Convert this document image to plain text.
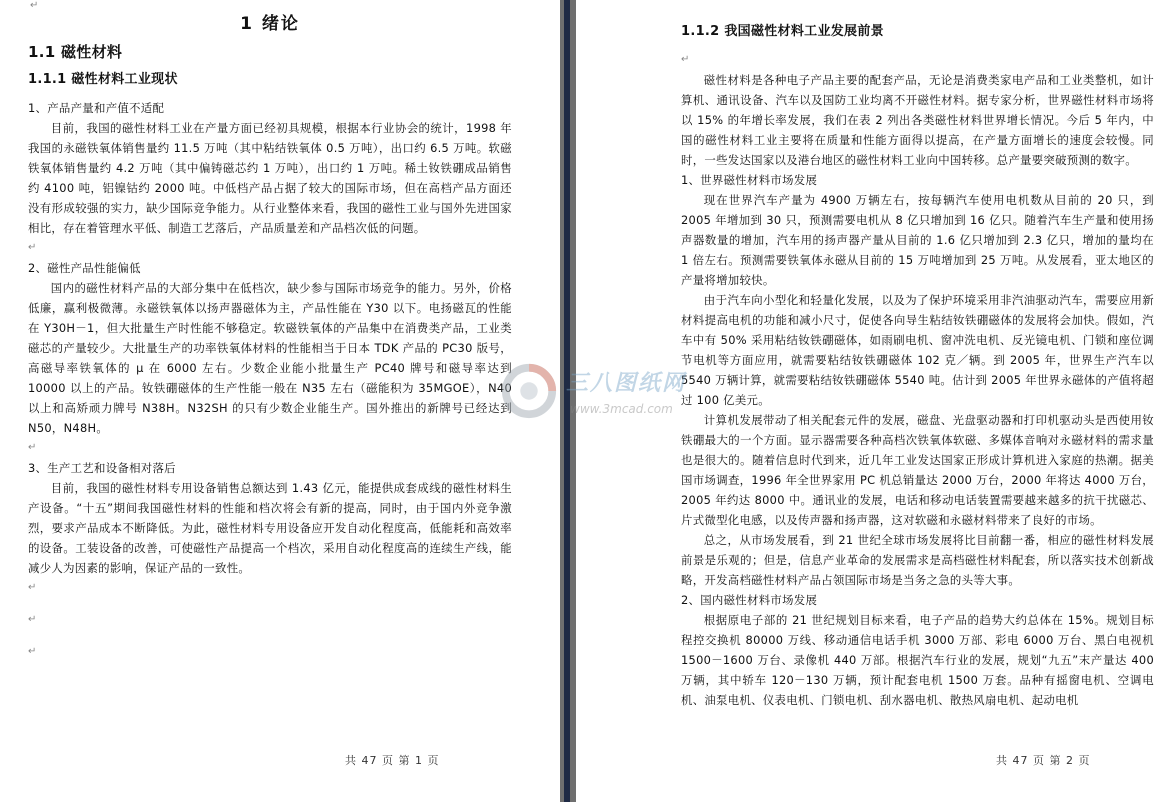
↵
1 绪论
1.1 磁性材料
1.1.1 磁性材料工业现状

1、产品产量和产值不适配

目前，我国的磁性材料工业在产量方面已经初具规模，根据本行业协会的统计，1998 年我国的永磁铁氧体销售量约 11.5 万吨（其中粘结铁氧体 0.5 万吨），出口约 6.5 万吨。软磁铁氧体销售量约 4.2 万吨（其中偏铸磁芯约 1 万吨），出口约 1 万吨。稀土钕铁硼成品销售约 4100 吨，铝镍钴约 2000 吨。中低档产品占据了较大的国际市场，但在高档产品方面还没有形成较强的实力，缺少国际竞争能力。从行业整体来看，我国的磁性工业与国外先进国家相比，存在着管理水平低、制造工艺落后，产品质量差和产品档次低的问题。

↵

2、磁性产品性能偏低

国内的磁性材料产品的大部分集中在低档次，缺少参与国际市场竞争的能力。另外，价格低廉，赢利极微薄。永磁铁氧体以扬声器磁体为主，产品性能在 Y30 以下。电扬磁瓦的性能在 Y30H－1，但大批量生产时性能不够稳定。软磁铁氧体的产品集中在消费类产品，工业类磁芯的产量较少。大批量生产的功率铁氧体材料的性能相当于日本 TDK 产品的 PC30 版号，高磁导率铁氧体的 μ 在 6000 左右。少数企业能小批量生产 PC40 牌号和磁导率达到 10000 以上的产品。钕铁硼磁体的生产性能一般在 N35 左右（磁能积为 35MGOE），N40 以上和高矫顽力牌号 N38H。N32SH 的只有少数企业能生产。国外推出的新牌号已经达到 N50，N48H。

↵

3、生产工艺和设备相对落后

目前，我国的磁性材料专用设备销售总额达到 1.43 亿元，能提供成套成线的磁性材料生产设备。“十五”期间我国磁性材料的性能和档次将会有新的提高，同时，由于国内外竞争激烈，要求产品成本不断降低。为此，磁性材料专用设备应开发自动化程度高，低能耗和高效率的设备。工装设备的改善，可使磁性产品提高一个档次，采用自动化程度高的连续生产线，能减少人为因素的影响，保证产品的一致性。

↵
↵
↵
共 47 页 第 1 页
1.1.2 我国磁性材料工业发展前景
↵

磁性材料是各种电子产品主要的配套产品，无论是消费类家电产品和工业类整机，如计算机、通讯设备、汽车以及国防工业均离不开磁性材料。据专家分析，世界磁性材料市场将以 15% 的年增长率发展，我们在表 2 列出各类磁性材料世界增长情况。今后 5 年内，中国的磁性材料工业主要将在质量和性能方面得以提高，在产量方面增长的速度会较慢。同时，一些发达国家以及港台地区的磁性材料工业向中国转移。总产量要突破预测的数字。

1、世界磁性材料市场发展

现在世界汽车产量为 4900 万辆左右，按每辆汽车使用电机数从目前的 20 只，到 2005 年增加到 30 只，预测需要电机从 8 亿只增加到 16 亿只。随着汽车生产量和使用扬声器数量的增加，汽车用的扬声器产量从目前的 1.6 亿只增加到 2.3 亿只，增加的量均在 1 倍左右。预测需要铁氧体永磁从目前的 15 万吨增加到 25 万吨。从发展看，亚太地区的产量将增加较快。

由于汽车向小型化和轻量化发展，以及为了保护环境采用非汽油驱动汽车，需要应用新材料提高电机的功能和减小尺寸，促使各向导生粘结钕铁硼磁体的发展将会加快。假如，汽车中有 50% 采用粘结钕铁硼磁体，如雨刷电机、窗冲洗电机、反光镜电机、门锁和座位调节电机等方面应用，就需要粘结钕铁硼磁体 102 克／辆。到 2005 年，世界生产汽车以 5540 万辆计算，就需要粘结钕铁硼磁体 5540 吨。估计到 2005 年世界永磁体的产值将超过 100 亿美元。

计算机发展带动了相关配套元件的发展，磁盘、光盘驱动器和打印机驱动头是西使用钕铁硼最大的一个方面。显示器需要各种高档次铁氧体软磁、多媒体音响对永磁材料的需求量也是很大的。随着信息时代到来，近几年工业发达国家正形成计算机进入家庭的热潮。据美国市场调查，1996 年全世界家用 PC 机总销量达 2000 万台，2000 年将达 4000 万台，2005 年约达 8000 中。通讯业的发展，电话和移动电话装置需要越来越多的抗干扰磁芯、片式微型化电感，以及传声器和扬声器，这对软磁和永磁材料带来了良好的市场。

总之，从市场发展看，到 21 世纪全球市场发展将比目前翻一番，相应的磁性材料发展前景是乐观的；但是，信息产业革命的发展需求是高档磁性材料配套，所以落实技术创新战略，开发高档磁性材料产品占领国际市场是当务之急的头等大事。

2、国内磁性材料市场发展

根据原电子部的 21 世纪规划目标来看，电子产品的趋势大约总体在 15%。规划目标程控交换机 80000 万线、移动通信电话手机 3000 万部、彩电 6000 万台、黑白电视机 1500－1600 万台、录像机 440 万部。根据汽车行业的发展，规划“九五”末产量达 400 万辆，其中轿车 120－130 万辆，预计配套电机 1500 万套。品种有摇窗电机、空调电机、油泵电机、仪表电机、门锁电机、刮水器电机、散热风扇电机、起动电机

共 47 页 第 2 页
三八图纸网
www.3mcad.com
